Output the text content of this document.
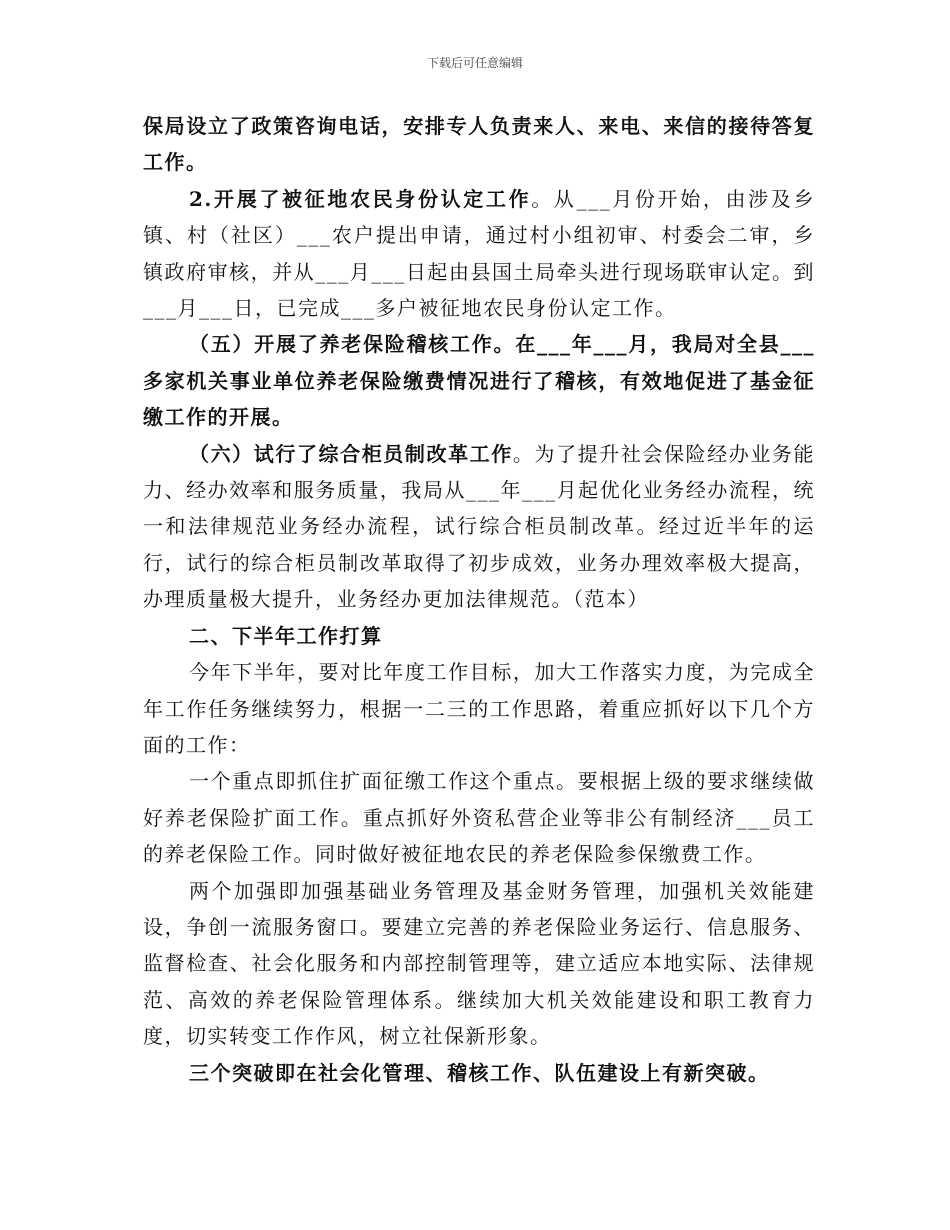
下载后可任意编辑

保局设立了政策咨询电话，安排专人负责来人、来电、来信的接待答复工作。

2.开展了被征地农民身份认定工作。从___月份开始，由涉及乡镇、村（社区）___农户提出申请，通过村小组初审、村委会二审，乡镇政府审核，并从___月___日起由县国土局牵头进行现场联审认定。到___月___日，已完成___多户被征地农民身份认定工作。

（五）开展了养老保险稽核工作。在___年___月，我局对全县___多家机关事业单位养老保险缴费情况进行了稽核，有效地促进了基金征缴工作的开展。

（六）试行了综合柜员制改革工作。为了提升社会保险经办业务能力、经办效率和服务质量，我局从___年___月起优化业务经办流程，统一和法律规范业务经办流程，试行综合柜员制改革。经过近半年的运行，试行的综合柜员制改革取得了初步成效，业务办理效率极大提高，办理质量极大提升，业务经办更加法律规范。（范本）

二、下半年工作打算

今年下半年，要对比年度工作目标，加大工作落实力度，为完成全年工作任务继续努力，根据一二三的工作思路，着重应抓好以下几个方面的工作：

一个重点即抓住扩面征缴工作这个重点。要根据上级的要求继续做好养老保险扩面工作。重点抓好外资私营企业等非公有制经济___员工的养老保险工作。同时做好被征地农民的养老保险参保缴费工作。

两个加强即加强基础业务管理及基金财务管理，加强机关效能建设，争创一流服务窗口。要建立完善的养老保险业务运行、信息服务、监督检查、社会化服务和内部控制管理等，建立适应本地实际、法律规范、高效的养老保险管理体系。继续加大机关效能建设和职工教育力度，切实转变工作作风，树立社保新形象。

三个突破即在社会化管理、稽核工作、队伍建设上有新突破。
